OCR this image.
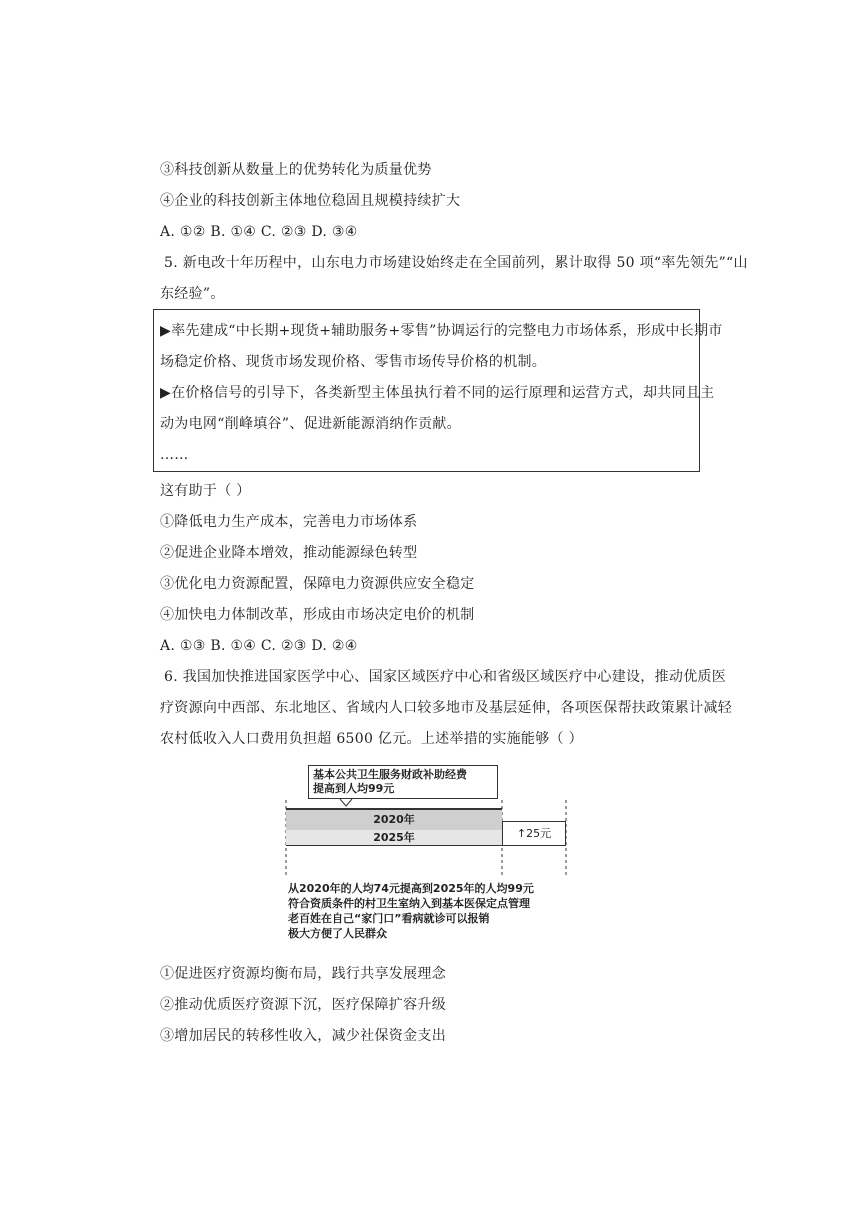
③科技创新从数量上的优势转化为质量优势
④企业的科技创新主体地位稳固且规模持续扩大
A. ①② B. ①④ C. ②③ D. ③④
5. 新电改十年历程中，山东电力市场建设始终走在全国前列，累计取得 50 项“率先领先”“山
东经验”。
▶率先建成“中长期+现货+辅助服务+零售”协调运行的完整电力市场体系，形成中长期市
场稳定价格、现货市场发现价格、零售市场传导价格的机制。
▶在价格信号的引导下，各类新型主体虽执行着不同的运行原理和运营方式，却共同且主
动为电网“削峰填谷”、促进新能源消纳作贡献。
……
这有助于（ ）
①降低电力生产成本，完善电力市场体系
②促进企业降本增效，推动能源绿色转型
③优化电力资源配置，保障电力资源供应安全稳定
④加快电力体制改革，形成由市场决定电价的机制
A. ①③ B. ①④ C. ②③ D. ②④
6. 我国加快推进国家医学中心、国家区域医疗中心和省级区域医疗中心建设，推动优质医
疗资源向中西部、东北地区、省域内人口较多地市及基层延伸，各项医保帮扶政策累计减轻
农村低收入人口费用负担超 6500 亿元。上述举措的实施能够（ ）
基本公共卫生服务财政补助经费
提高到人均99元
2020年
2025年	↑25元
从2020年的人均74元提高到2025年的人均99元
符合资质条件的村卫生室纳入到基本医保定点管理
老百姓在自己“家门口”看病就诊可以报销
极大方便了人民群众
①促进医疗资源均衡布局，践行共享发展理念
②推动优质医疗资源下沉，医疗保障扩容升级
③增加居民的转移性收入，减少社保资金支出
